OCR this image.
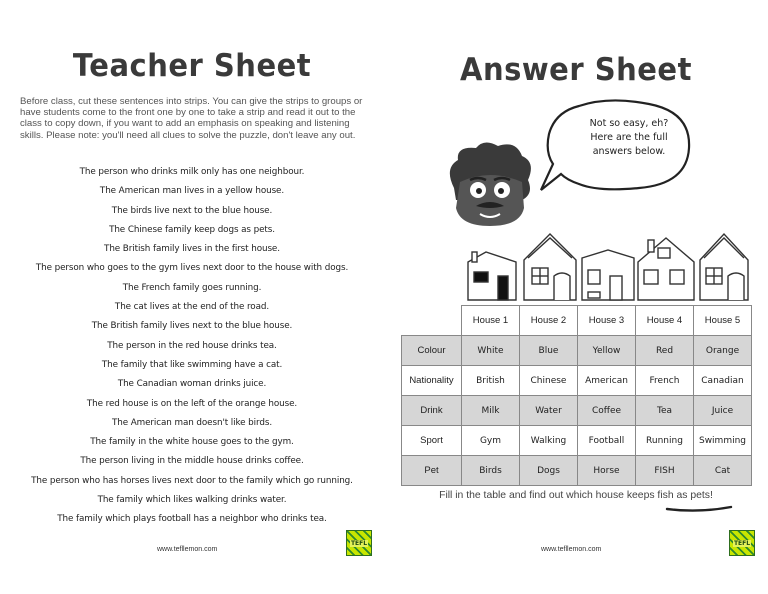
Teacher Sheet
Before class, cut these sentences into strips. You can give the strips to groups or have students come to the front one by one to take a strip and read it out to the class to copy down, if you want to add an emphasis on speaking and listening skills. Please note: you'll need all clues to solve the puzzle, don't leave any out.
The person who drinks milk only has one neighbour.
The American man lives in a yellow house.
The birds live next to the blue house.
The Chinese family keep dogs as pets.
The British family lives in the first house.
The person who goes to the gym lives next door to the house with dogs.
The French family goes running.
The cat lives at the end of the road.
The British family lives next to the blue house.
The person in the red house drinks tea.
The family that like swimming have a cat.
The Canadian woman drinks juice.
The red house is on the left of the orange house.
The American man doesn't like birds.
The family in the white house goes to the gym.
The person living in the middle house drinks coffee.
The person who has horses lives next door to the family which go running.
The family which likes walking drinks water.
The family which plays football has a neighbor who drinks tea.
www.tefllemon.com
TEFL
Answer Sheet
Not so easy, eh?
Here are the full
answers below.
	House 1	House 2	House 3	House 4	House 5
Colour	White	Blue	Yellow	Red	Orange
Nationality	British	Chinese	American	French	Canadian
Drink	Milk	Water	Coffee	Tea	Juice
Sport	Gym	Walking	Football	Running	Swimming
Pet	Birds	Dogs	Horse	FISH	Cat
Fill in the table and find out which house keeps fish as pets!
www.tefllemon.com
TEFL
